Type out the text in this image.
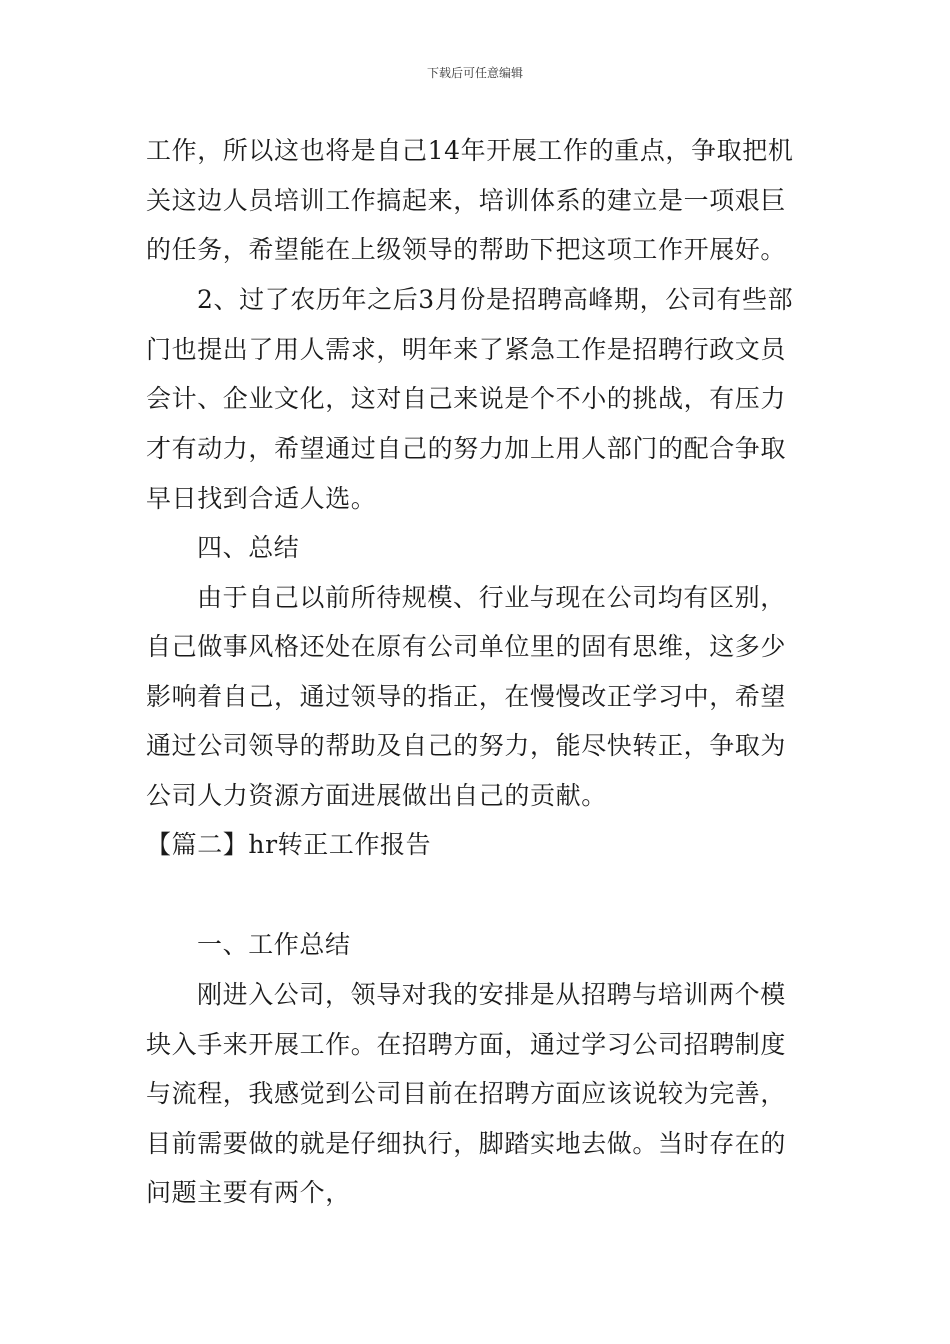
下载后可任意编辑
工作，所以这也将是自己14年开展工作的重点，争取把机
关这边人员培训工作搞起来，培训体系的建立是一项艰巨
的任务，希望能在上级领导的帮助下把这项工作开展好。
2、过了农历年之后3月份是招聘高峰期，公司有些部
门也提出了用人需求，明年来了紧急工作是招聘行政文员
会计、企业文化，这对自己来说是个不小的挑战，有压力
才有动力，希望通过自己的努力加上用人部门的配合争取
早日找到合适人选。
四、总结
由于自己以前所待规模、行业与现在公司均有区别，
自己做事风格还处在原有公司单位里的固有思维，这多少
影响着自己，通过领导的指正，在慢慢改正学习中，希望
通过公司领导的帮助及自己的努力，能尽快转正，争取为
公司人力资源方面进展做出自己的贡献。
【篇二】hr转正工作报告
一、工作总结
刚进入公司，领导对我的安排是从招聘与培训两个模
块入手来开展工作。在招聘方面，通过学习公司招聘制度
与流程，我感觉到公司目前在招聘方面应该说较为完善，
目前需要做的就是仔细执行，脚踏实地去做。当时存在的
问题主要有两个，
